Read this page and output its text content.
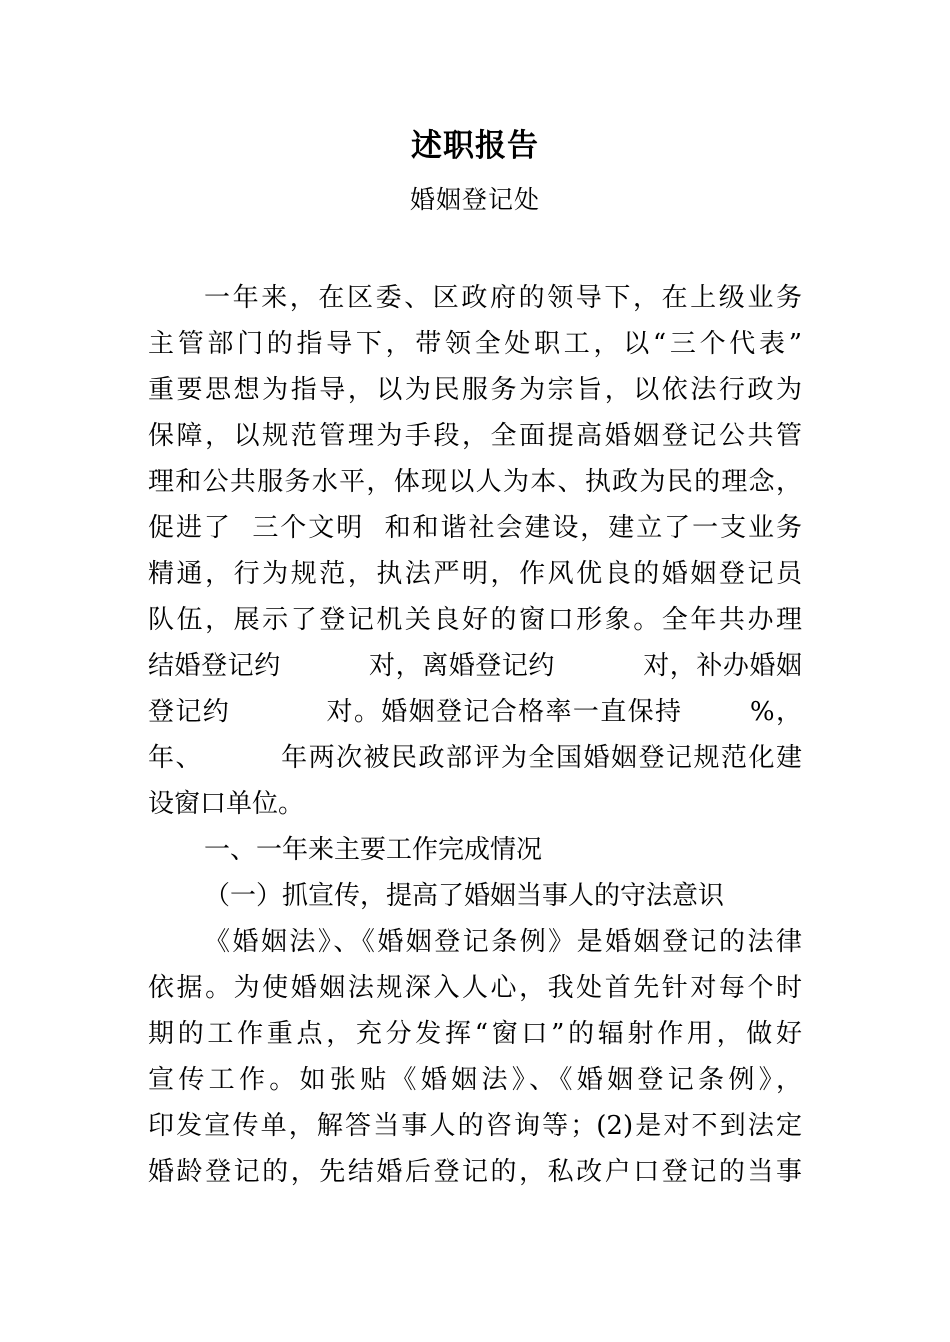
述职报告
婚姻登记处
一年来，在区委、区政府的领导下，在上级业务
主管部门的指导下，带领全处职工，以“三个代表”
重要思想为指导，以为民服务为宗旨，以依法行政为
保障，以规范管理为手段，全面提高婚姻登记公共管
理和公共服务水平，体现以人为本、执政为民的理念，
促进了  三个文明  和和谐社会建设，建立了一支业务
精通，行为规范，执法严明，作风优良的婚姻登记员
队伍，展示了登记机关良好的窗口形象。全年共办理
结婚登记约          对，离婚登记约          对，补办婚姻
登记约          对。婚姻登记合格率一直保持       %，
年、        年两次被民政部评为全国婚姻登记规范化建
设窗口单位。
一、一年来主要工作完成情况
（一）抓宣传，提高了婚姻当事人的守法意识
《婚姻法》、《婚姻登记条例》是婚姻登记的法律
依据。为使婚姻法规深入人心，我处首先针对每个时
期的工作重点，充分发挥“窗口”的辐射作用，做好
宣传工作。如张贴《婚姻法》、《婚姻登记条例》，
印发宣传单，解答当事人的咨询等；(2)是对不到法定
婚龄登记的，先结婚后登记的，私改户口登记的当事
